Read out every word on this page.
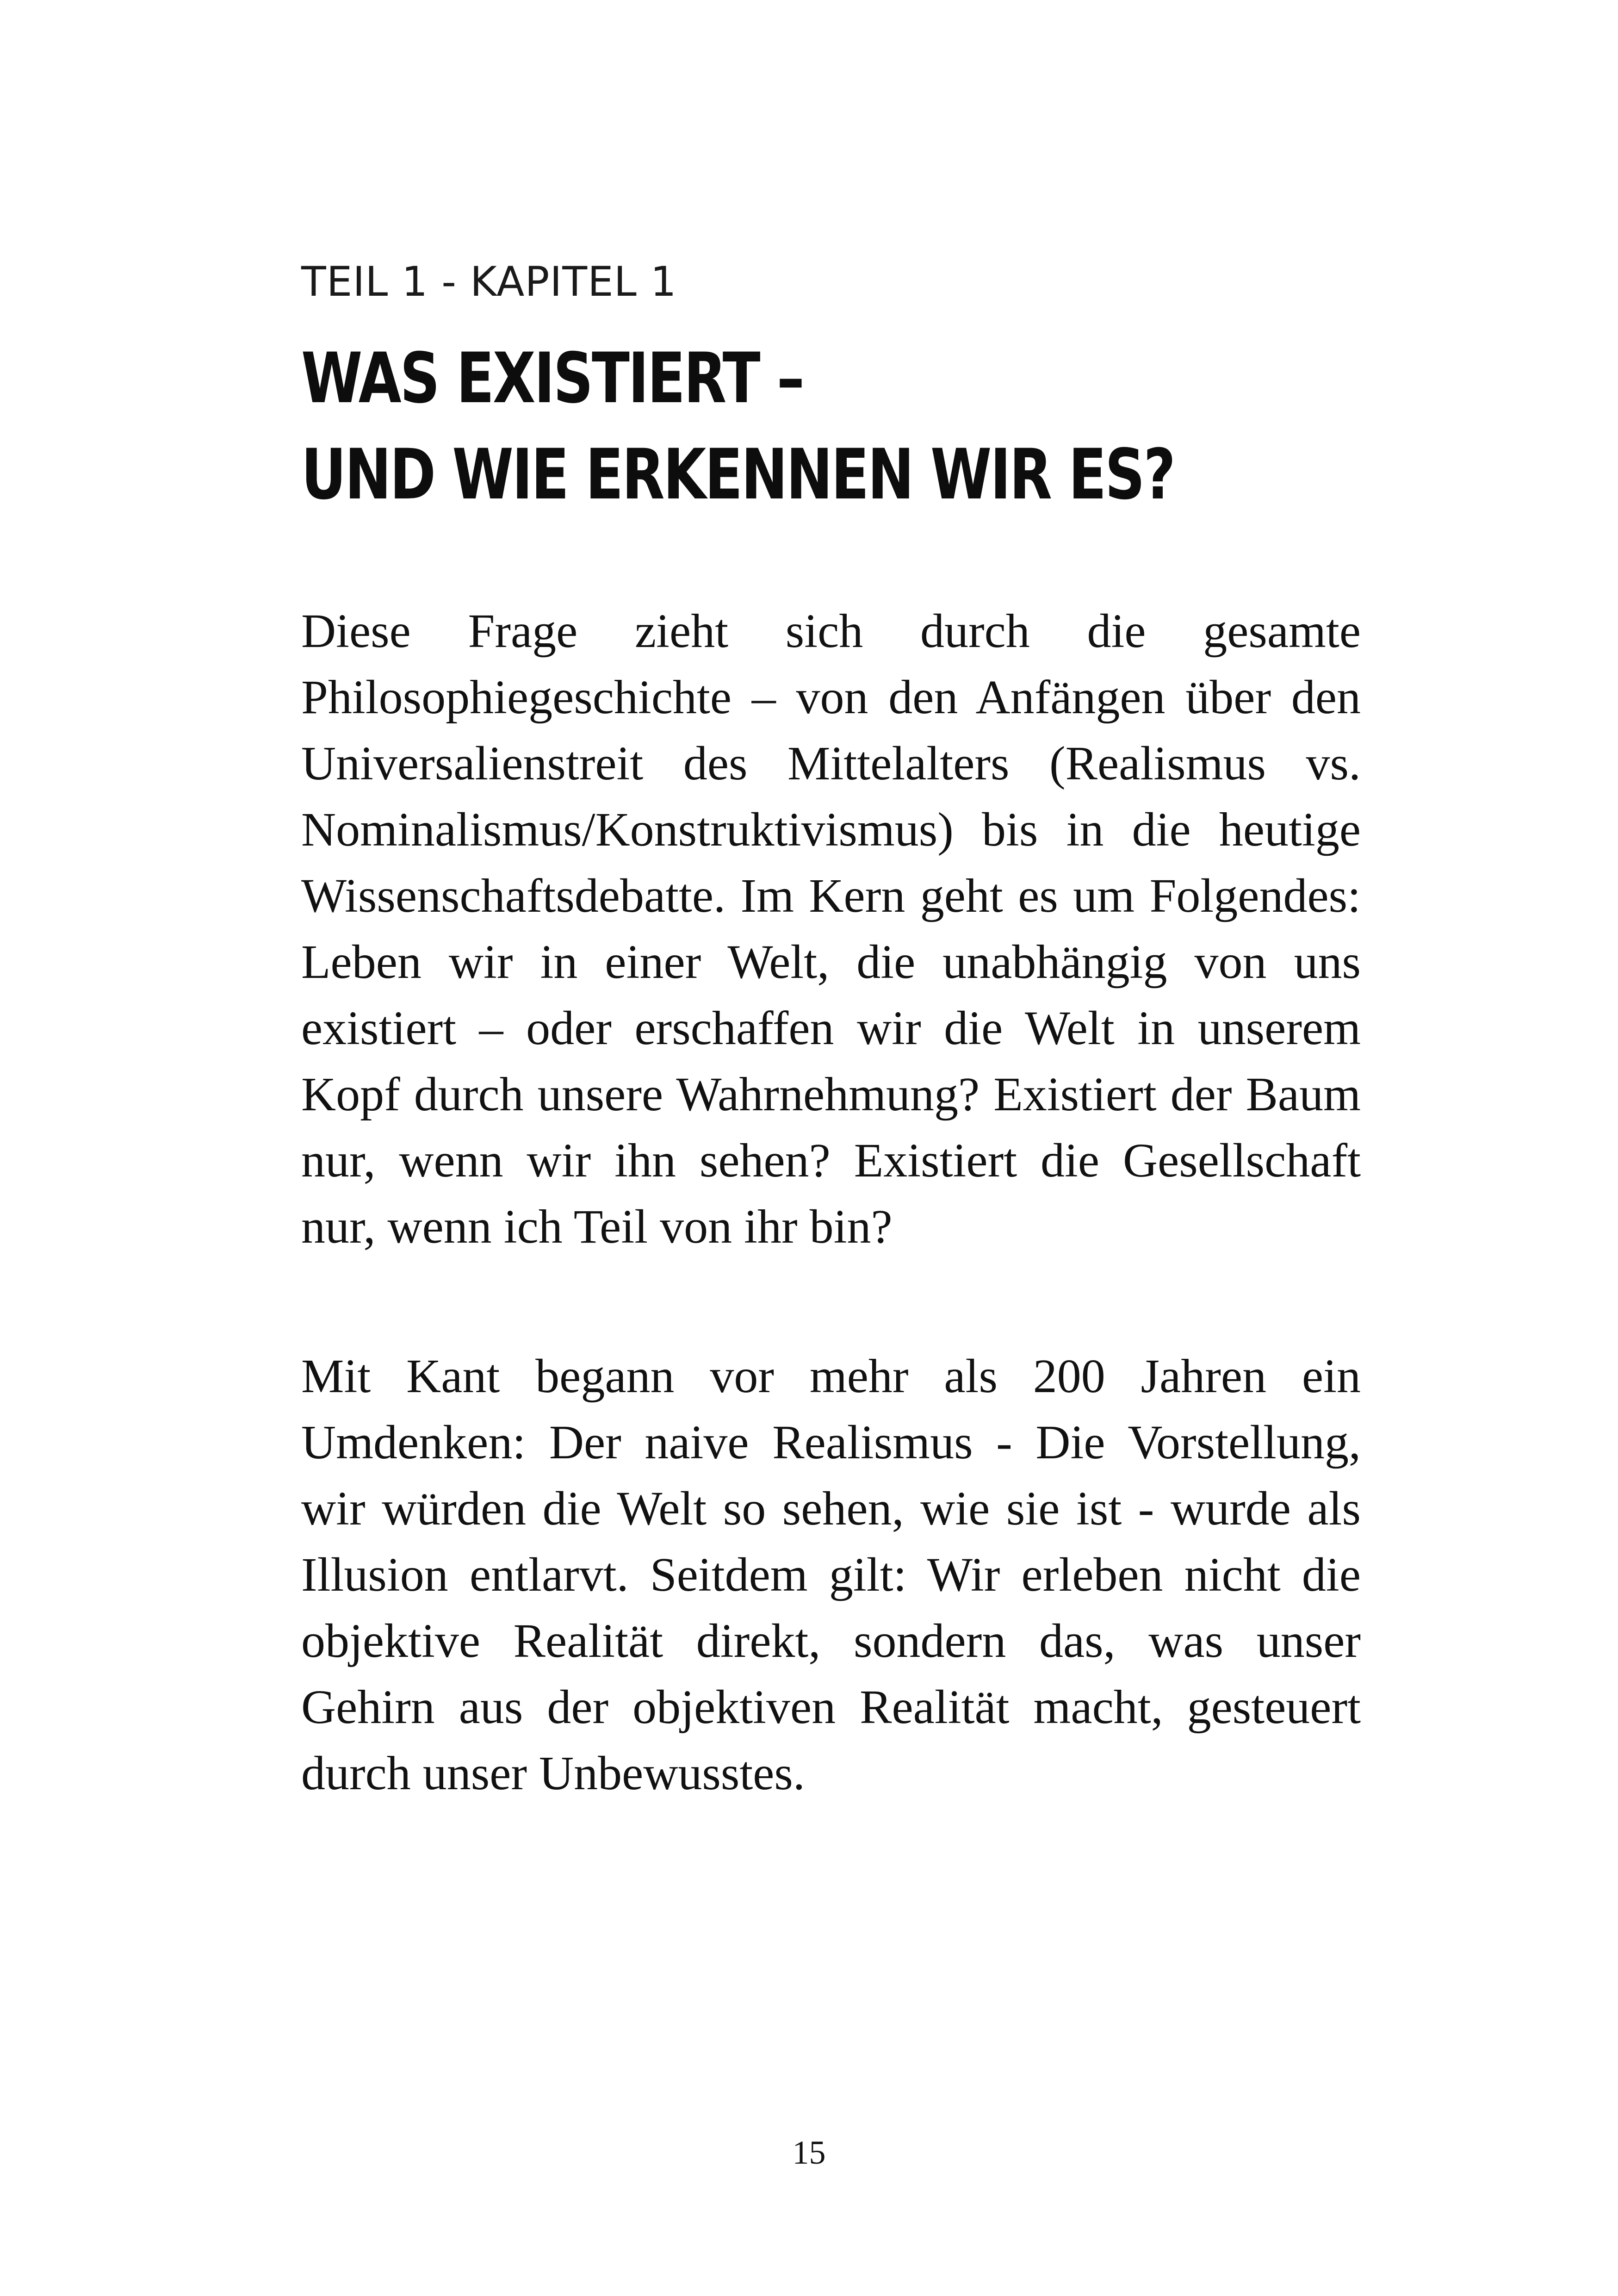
TEIL 1 - KAPITEL 1
WAS EXISTIERT –
UND WIE ERKENNEN WIR ES?

Diese Frage zieht sich durch die gesamte Philosophiegeschichte – von den Anfängen über den Universalienstreit des Mittelalters (Realismus vs. Nominalismus/Konstruktivismus) bis in die heutige Wissenschaftsdebatte. Im Kern geht es um Folgendes: Leben wir in einer Welt, die unabhängig von uns existiert – oder erschaffen wir die Welt in unserem Kopf durch unsere Wahrnehmung? Existiert der Baum nur, wenn wir ihn sehen? Existiert die Gesellschaft nur, wenn ich Teil von ihr bin?

Mit Kant begann vor mehr als 200 Jahren ein Umdenken: Der naive Realismus - Die Vorstellung, wir würden die Welt so sehen, wie sie ist - wurde als Illusion entlarvt. Seitdem gilt: Wir erleben nicht die objektive Realität direkt, sondern das, was unser Gehirn aus der objektiven Realität macht, gesteuert durch unser Unbewusstes.

15
